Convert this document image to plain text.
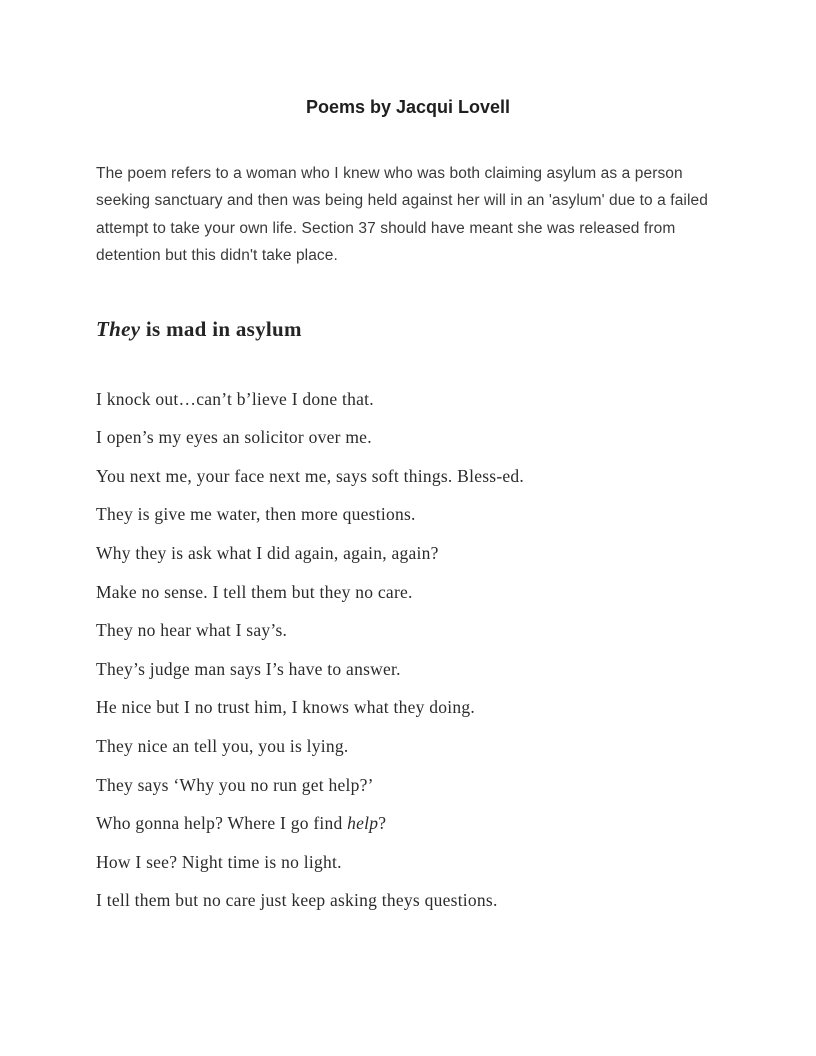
Poems by Jacqui Lovell

The poem refers to a woman who I knew who was both claiming asylum as a person
seeking sanctuary and then was being held against her will in an 'asylum' due to a failed
attempt to take your own life. Section 37 should have meant she was released from
detention but this didn't take place.

They is mad in asylum

I knock out…can’t b’lieve I done that.

I open’s my eyes an solicitor over me.

You next me, your face next me, says soft things. Bless-ed.

They is give me water, then more questions.

Why they is ask what I did again, again, again?

Make no sense. I tell them but they no care.

They no hear what I say’s.

They’s judge man says I’s have to answer.

He nice but I no trust him, I knows what they doing.

They nice an tell you, you is lying.

They says ‘Why you no run get help?’

Who gonna help? Where I go find help?

How I see? Night time is no light.

I tell them but no care just keep asking theys questions.
